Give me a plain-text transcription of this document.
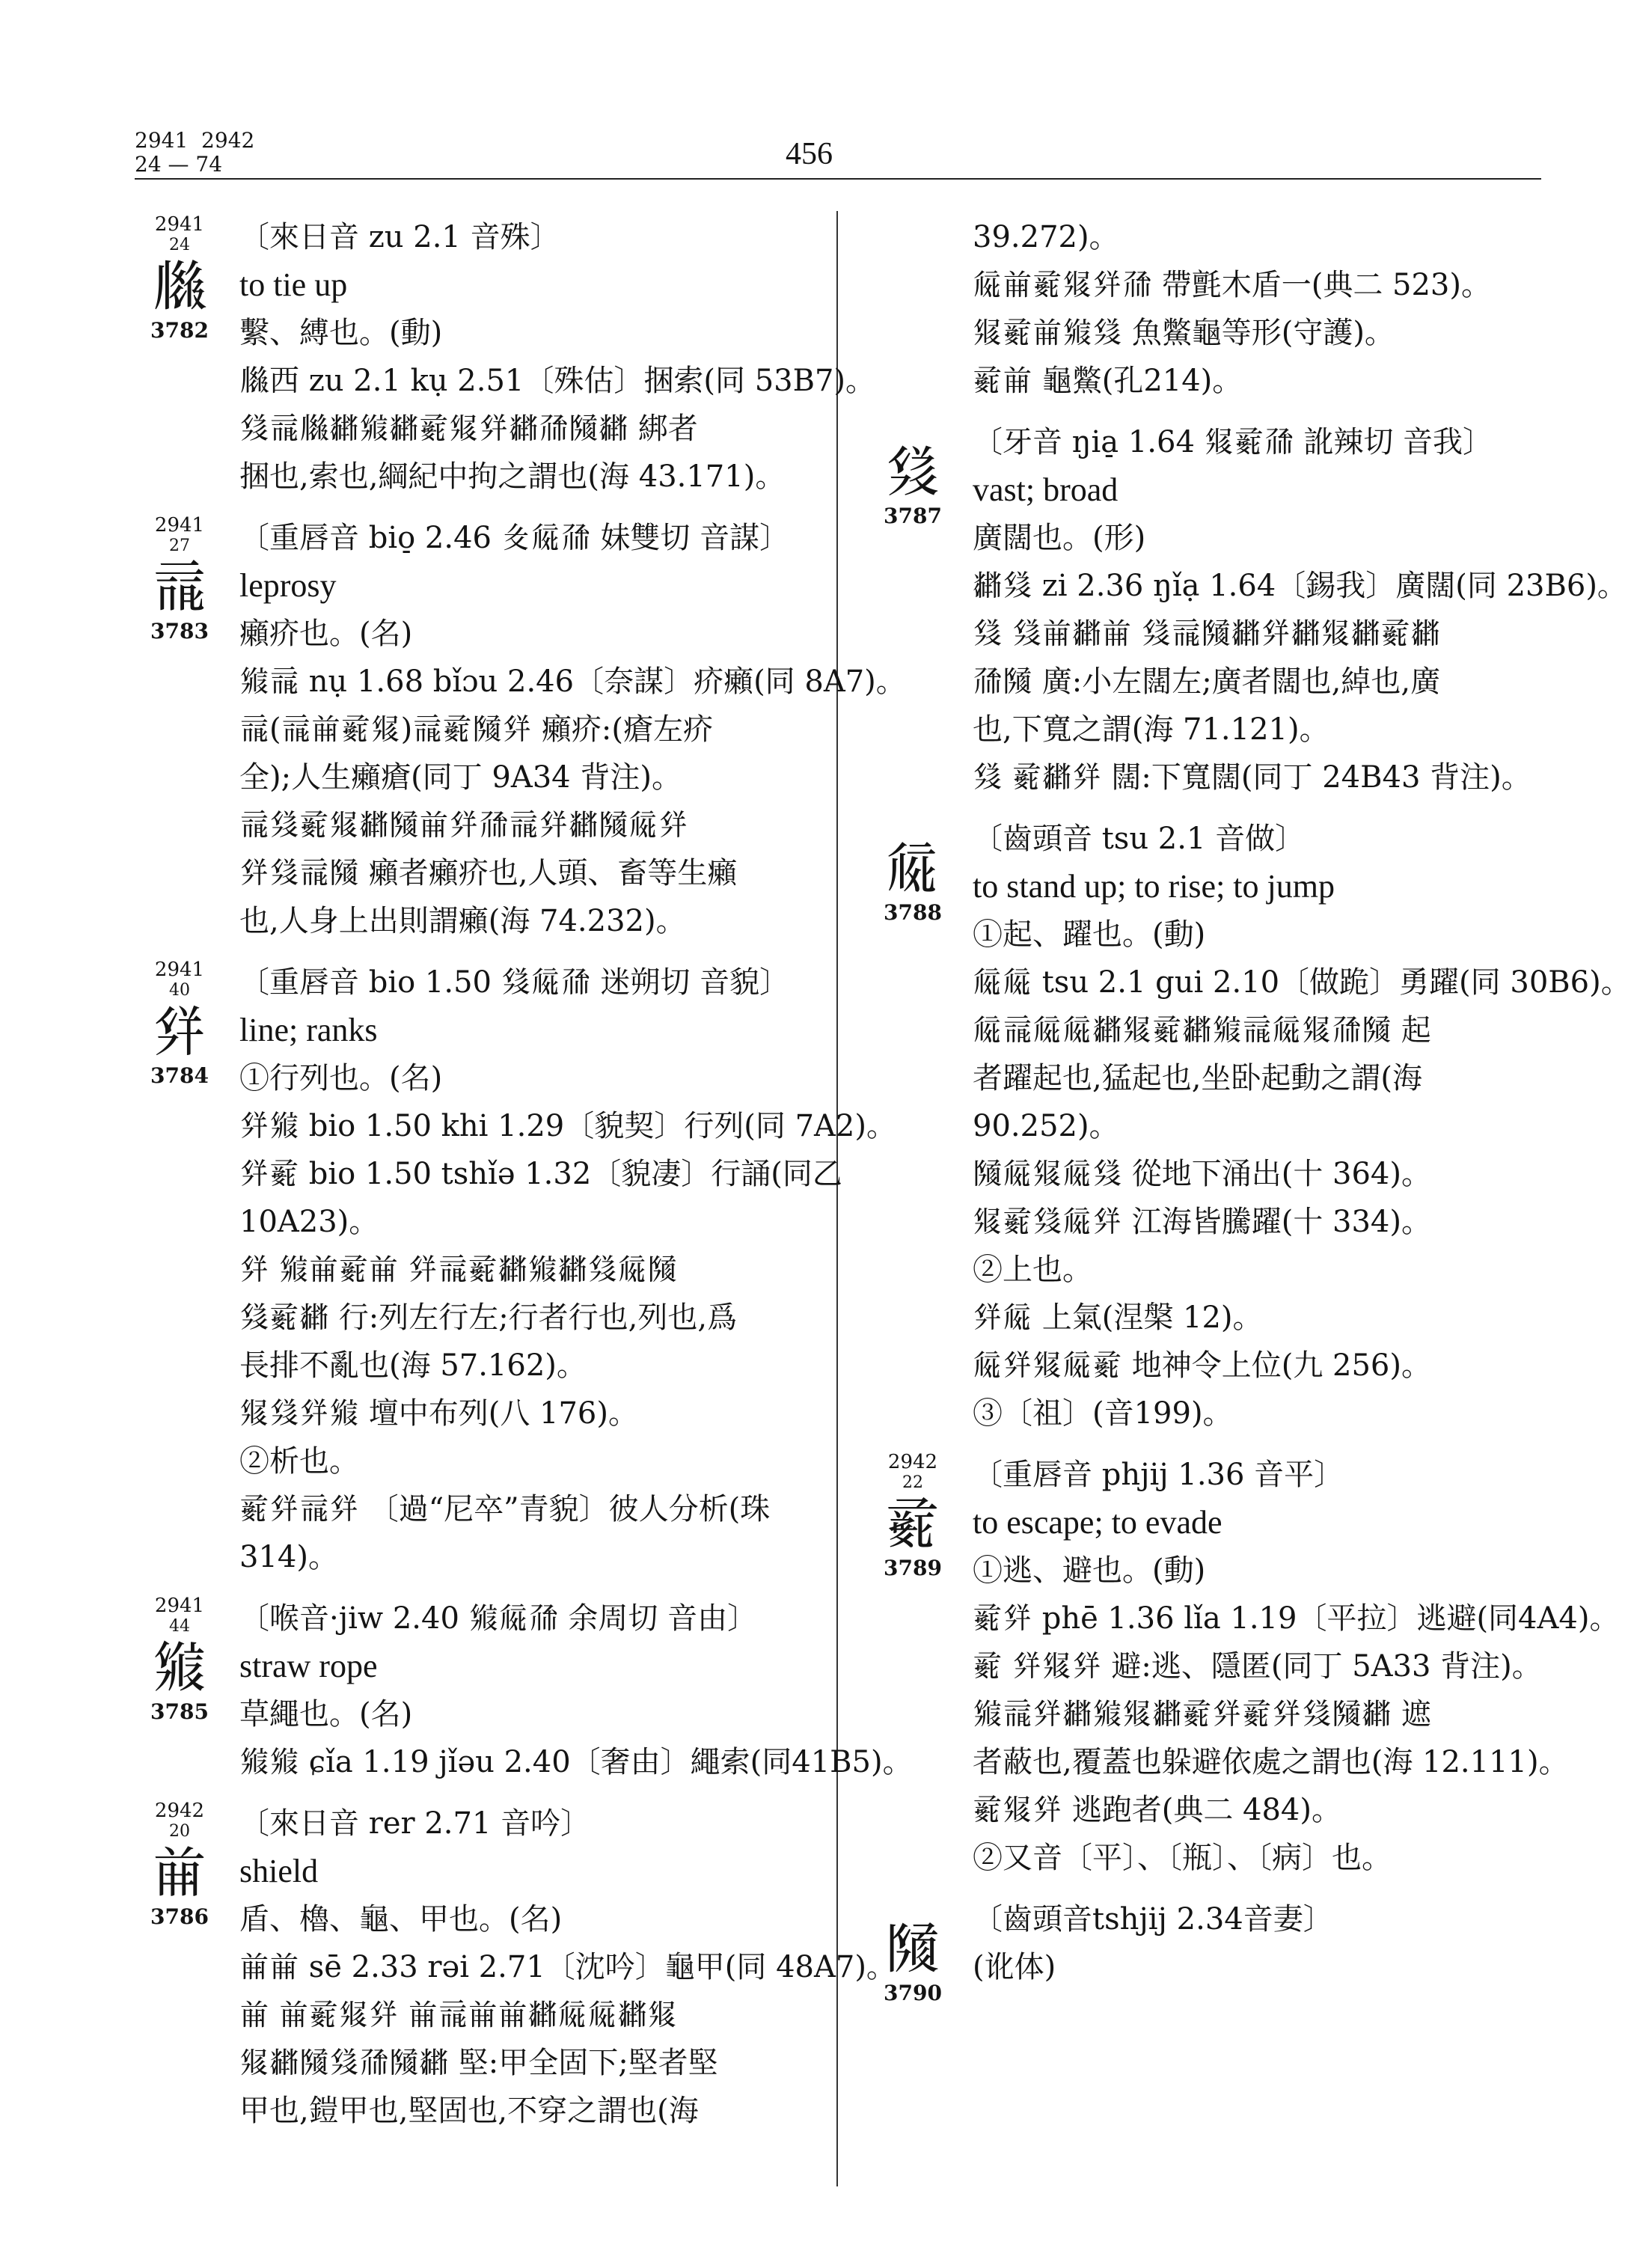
2941  2942
24 — 74	456
2941
24
𗆍
3782
〔來日音 zu 2.1 音殊〕
to tie up
繫、縛也。(動)
𗆍西 zu 2.1 kụ 2.51〔殊估〕捆索(同 53B7)。
𗊡𗄈𗆍𘂤𗋚𘂤𗈜𗊰𗊐𘂤𗗙𗂧𘂤 綁者
捆也,索也,綱紀中拘之謂也(海 43.171)。
2941
27
𗄈
3783
〔重唇音 bio̠ 2.46 𗃐𗏁𗗙 妹雙切 音謀〕
leprosy
癩疥也。(名)
𗋚𗄈 nụ 1.68 bǐɔu 2.46〔奈謀〕疥癩(同 8A7)。
𗄈(𗄈𗐺𗈜𗊰)𗄈𗈜𗂧𗊐 癩疥:(瘡左疥
全);人生癩瘡(同丁 9A34 背注)。
𗄈𗊡𗈜𗊰𘂤𗂧𗐺𗊐𗗙𗄈𗊐𘂤𗂧𗏁𗊐
𗊐𗊡𗄈𗂧 癩者癩疥也,人頭、畜等生癩
也,人身上出則謂癩(海 74.232)。
2941
40
𗊐
3784
〔重唇音 bio 1.50 𗊡𗏁𗗙 迷朔切 音貌〕
line; ranks
①行列也。(名)
𗊐𗋚 bio 1.50 khi 1.29〔貌契〕行列(同 7A2)。
𗊐𗈜 bio 1.50 tshǐə 1.32〔貌凄〕行誦(同乙
10A23)。
𗊐 𗋚𗐺𗈜𗐺 𗊐𗄈𗈜𘂤𗋚𘂤𗊡𗏁𗂧
𗊡𗈜𘂤 行:列左行左;行者行也,列也,爲
長排不亂也(海 57.162)。
𗊰𗊡𗊐𗋚 壇中布列(八 176)。
②析也。
𗈜𗊐𗄈𗊐 〔過“尼卒”青貌〕彼人分析(珠
314)。
2941
44
𗋚
3785
〔喉音·jiw 2.40 𗋚𗏁𗗙 余周切 音由〕
straw rope
草繩也。(名)
𗋚𗋚 ɕǐa 1.19 jǐəu 2.40〔奢由〕繩索(同41B5)。
2942
20
𗐺
3786
〔來日音 rer 2.71 音吟〕
shield
盾、櫓、龜、甲也。(名)
𗐺𗐺 sē 2.33 rəi 2.71〔沈吟〕龜甲(同 48A7)。
𗐺 𗐺𗈜𗊰𗊐 𗐺𗄈𗐺𗐺𘂤𗏁𗏁𘂤𗊰
𗊰𘂤𗂧𗊡𗗙𗂧𘂤 堅:甲全固下;堅者堅
甲也,鎧甲也,堅固也,不穿之謂也(海
39.272)。
𗏁𗐺𗈜𗊰𗊐𗗙 帶氈木盾一(典二 523)。
𗊰𗈜𗐺𗋚𗊡 魚鱉龜等形(守護)。
𗈜𗐺 龜鱉(孔214)。
𗊡
3787
〔牙音 ŋia̠ 1.64 𗊰𗈜𗗙 訛辣切 音我〕
vast; broad
廣闊也。(形)
𘂤𗊡 zi 2.36 ŋǐạ 1.64〔錫我〕廣闊(同 23B6)。
𗊡 𗊡𗐺𘂤𗐺 𗊡𗄈𗂧𘂤𗊐𘂤𗊰𘂤𗈜𘂤
𗗙𗂧 廣:小左闊左;廣者闊也,綽也,廣
也,下寬之謂(海 71.121)。
𗊡 𗈜𘂤𗊐 闊:下寬闊(同丁 24B43 背注)。
𗏁
3788
〔齒頭音 tsu 2.1 音做〕
to stand up; to rise; to jump
①起、躍也。(動)
𗏁𗏁 tsu 2.1 gui 2.10〔做跪〕勇躍(同 30B6)。
𗏁𗄈𗏁𗏁𘂤𗊰𗈜𘂤𗋚𗄈𗏁𗊰𗗙𗂧 起
者躍起也,猛起也,坐卧起動之謂(海
90.252)。
𗂧𗏁𗊰𗏁𗊡 從地下涌出(十 364)。
𗊰𗈜𗊡𗏁𗊐 江海皆騰躍(十 334)。
②上也。
𗊐𗏁 上氣(涅槃 12)。
𗏁𗊐𗊰𗏁𗈜 地神令上位(九 256)。
③〔祖〕(音199)。
2942
22
𗈜
3789
〔重唇音 phjij 1.36 音平〕
to escape; to evade
①逃、避也。(動)
𗈜𗊐 phē 1.36 lǐa 1.19〔平拉〕逃避(同4A4)。
𗈜 𗊐𗊰𗊐 避:逃、隱匿(同丁 5A33 背注)。
𗋚𗄈𗊐𘂤𗋚𗊰𘂤𗈜𗊐𗈜𗊐𗊡𗂧𘂤 遮
者蔽也,覆蓋也躲避依處之謂也(海 12.111)。
𗈜𗊰𗊐 逃跑者(典二 484)。
②又音〔平〕、〔瓶〕、〔病〕也。
𗂧
3790
〔齒頭音tshjij 2.34音妻〕
(讹体)
